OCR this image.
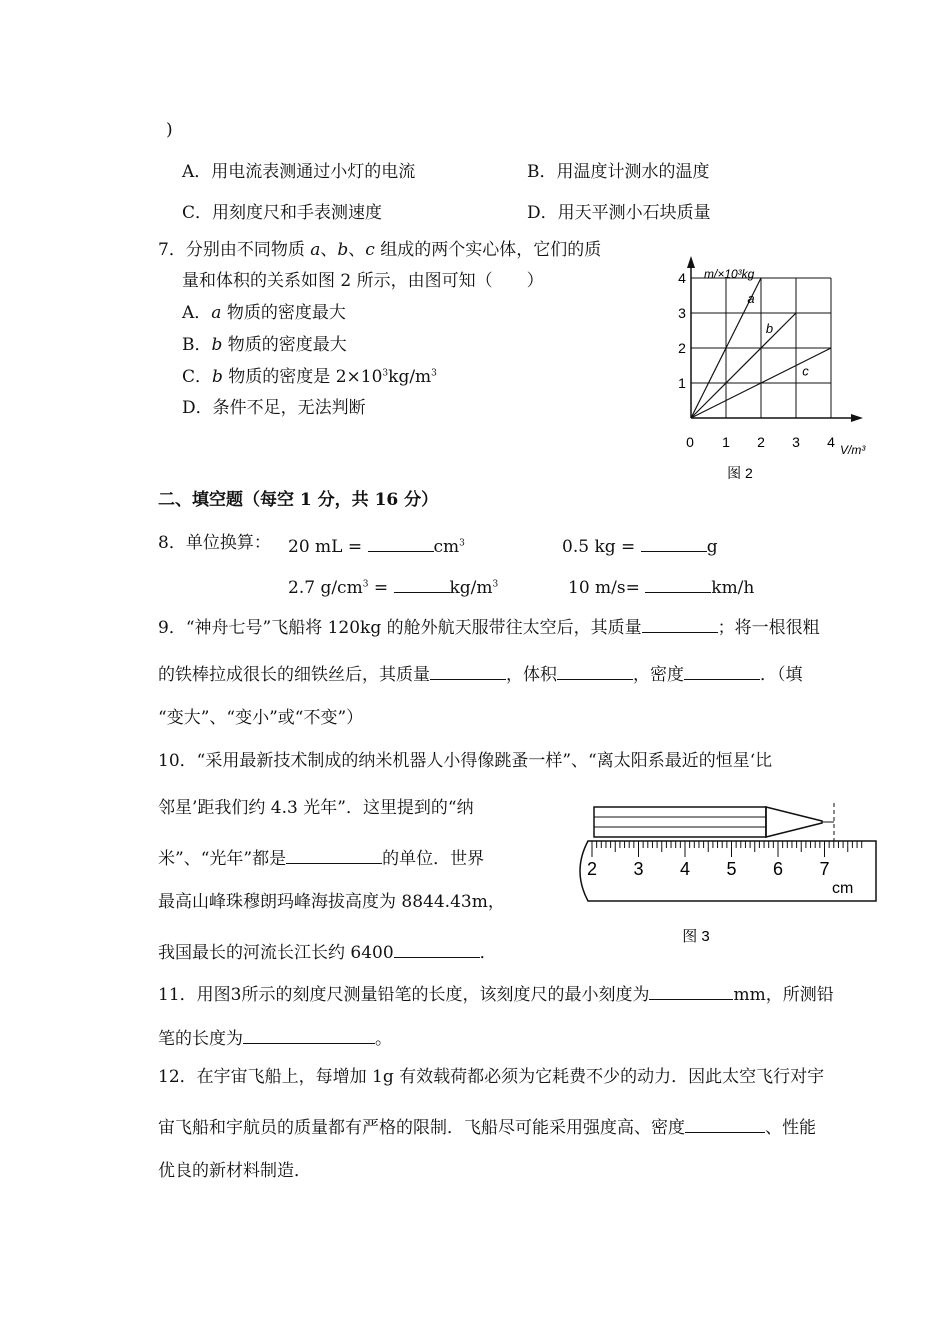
)
A．用电流表测通过小灯的电流	B．用温度计测水的温度
C．用刻度尺和手表测速度	D．用天平测小石块质量
7．分别由不同物质 a、b、c 组成的两个实心体，它们的质
量和体积的关系如图 2 所示，由图可知（　　）
A．a 物质的密度最大
B．b 物质的密度最大
C．b 物质的密度是 $2\times 10^3kg/m^3$
D．条件不足，无法判断
a
b
c
1 2 3 4
1
2
3
4
0
m/×10³kg
V/m³
图 2
二、填空题（每空 1 分，共 16 分）
8．单位换算： 20 mL =	$cm^3$	0.5 kg =	g
2.7 $g/cm^3$ =	$kg/m^3$	10 m/s=	km/h
9．“神舟七号”飞船将 120kg 的舱外航天服带往太空后，其质量	；将一根很粗
的铁棒拉成很长的细铁丝后，其质量	，体积	，密度	．（填
“变大”、“变小”或“不变”）
10．“采用最新技术制成的纳米机器人小得像跳蚤一样”、“离太阳系最近的恒星‘比
邻星’距我们约 4.3 光年”．这里提到的“纳
米”、“光年”都是	的单位．世界
最高山峰珠穆朗玛峰海拔高度为 8844.43m，
我国最长的河流长江长约 6400	．
2 3 4 5 6 7
cm
图 3
11．用图3所示的刻度尺测量铅笔的长度，该刻度尺的最小刻度为	mm，所测铅
笔的长度为	。
12．在宇宙飞船上，每增加 1g 有效载荷都必须为它耗费不少的动力．因此太空飞行对宇
宙飞船和宇航员的质量都有严格的限制．飞船尽可能采用强度高、密度	、性能
优良的新材料制造．
